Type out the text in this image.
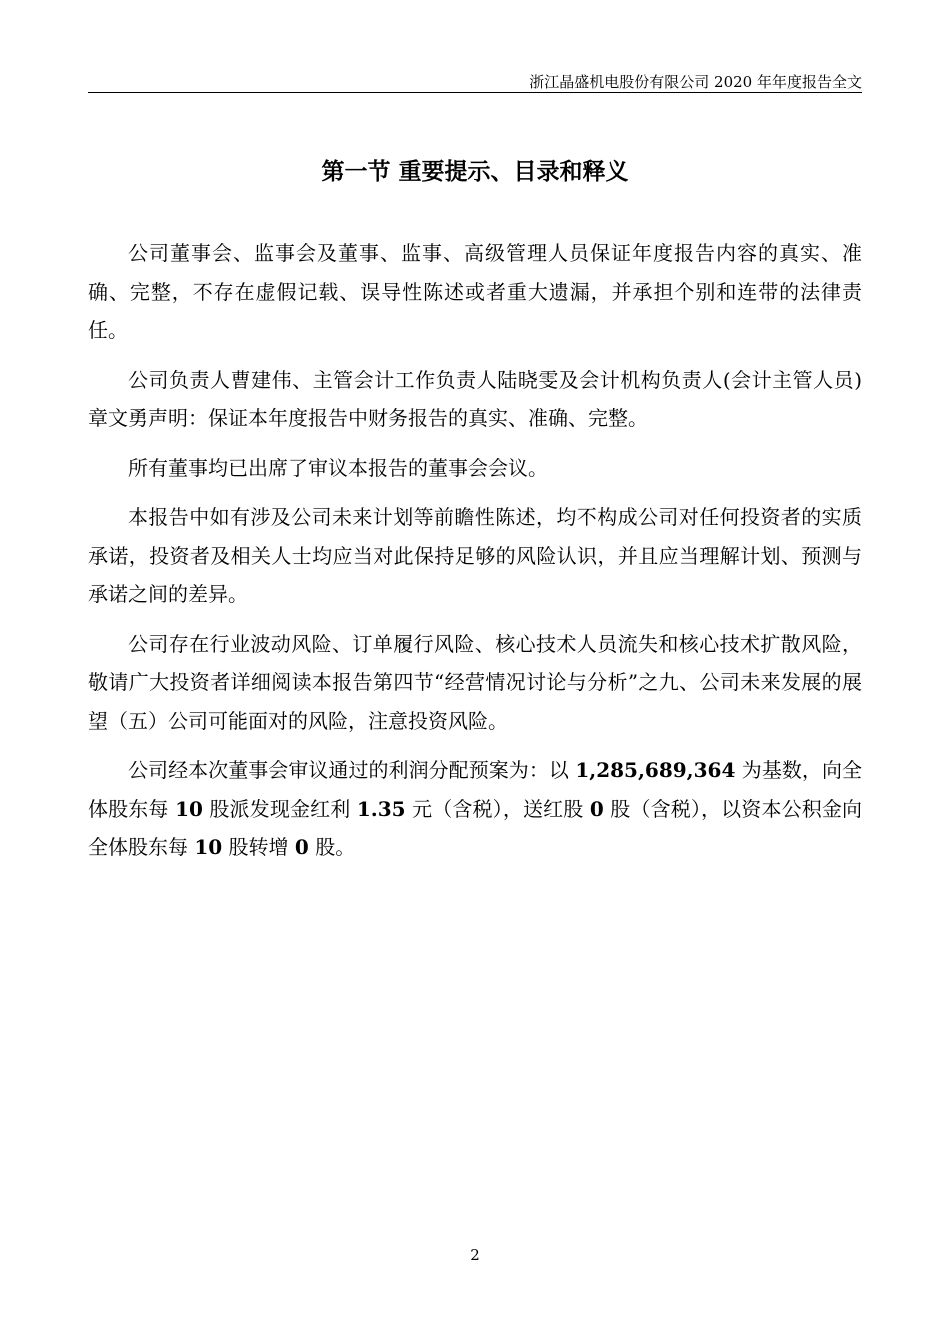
浙江晶盛机电股份有限公司 2020 年年度报告全文
第一节 重要提示、目录和释义

公司董事会、监事会及董事、监事、高级管理人员保证年度报告内容的真实、准确、完整，不存在虚假记载、误导性陈述或者重大遗漏，并承担个别和连带的法律责任。

公司负责人曹建伟、主管会计工作负责人陆晓雯及会计机构负责人(会计主管人员)章文勇声明：保证本年度报告中财务报告的真实、准确、完整。

所有董事均已出席了审议本报告的董事会会议。

本报告中如有涉及公司未来计划等前瞻性陈述，均不构成公司对任何投资者的实质承诺，投资者及相关人士均应当对此保持足够的风险认识，并且应当理解计划、预测与承诺之间的差异。

公司存在行业波动风险、订单履行风险、核心技术人员流失和核心技术扩散风险，敬请广大投资者详细阅读本报告第四节“经营情况讨论与分析”之九、公司未来发展的展望（五）公司可能面对的风险，注意投资风险。

公司经本次董事会审议通过的利润分配预案为：以 1,285,689,364 为基数，向全体股东每 10 股派发现金红利 1.35 元（含税），送红股 0 股（含税），以资本公积金向全体股东每 10 股转增 0 股。

2
